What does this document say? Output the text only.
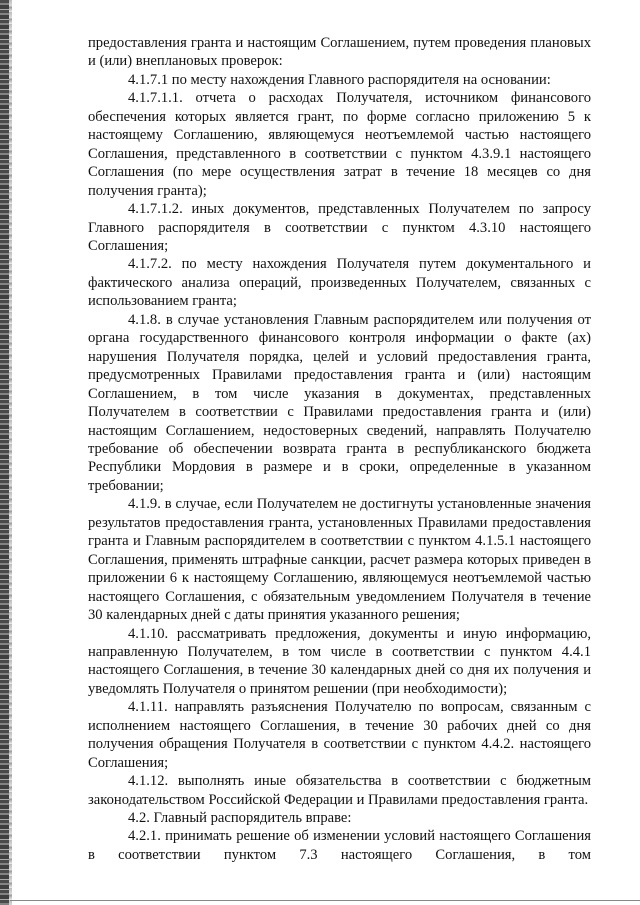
предоставления гранта и настоящим Соглашением, путем проведения плановых и (или) внеплановых проверок:

4.1.7.1 по месту нахождения Главного распорядителя на основании:

4.1.7.1.1. отчета о расходах Получателя, источником финансового обеспечения которых является грант, по форме согласно приложению 5 к настоящему Соглашению, являющемуся неотъемлемой частью настоящего Соглашения, представленного в соответствии с пунктом 4.3.9.1 настоящего Соглашения (по мере осуществления затрат в течение 18 месяцев со дня получения гранта);

4.1.7.1.2. иных документов, представленных Получателем по запросу Главного распорядителя в соответствии с пунктом 4.3.10 настоящего Соглашения;

4.1.7.2. по месту нахождения Получателя путем документального и фактического анализа операций, произведенных Получателем, связанных с использованием гранта;

4.1.8. в случае установления Главным распорядителем или получения от органа государственного финансового контроля информации о факте (ах) нарушения Получателя порядка, целей и условий предоставления гранта, предусмотренных Правилами предоставления гранта и (или) настоящим Соглашением, в том числе указания в документах, представленных Получателем в соответствии с Правилами предоставления гранта и (или) настоящим Соглашением, недостоверных сведений, направлять Получателю требование об обеспечении возврата гранта в республиканского бюджета Республики Мордовия в размере и в сроки, определенные в указанном требовании;

4.1.9. в случае, если Получателем не достигнуты установленные значения результатов предоставления гранта, установленных Правилами предоставления гранта и Главным распорядителем в соответствии с пунктом 4.1.5.1 настоящего Соглашения, применять штрафные санкции, расчет размера которых приведен в приложении 6 к настоящему Соглашению, являющемуся неотъемлемой частью настоящего Соглашения, с обязательным уведомлением Получателя в течение 30 календарных дней с даты принятия указанного решения;

4.1.10. рассматривать предложения, документы и иную информацию, направленную Получателем, в том числе в соответствии с пунктом 4.4.1 настоящего Соглашения, в течение 30 календарных дней со дня их получения и уведомлять Получателя о принятом решении (при необходимости);

4.1.11. направлять разъяснения Получателю по вопросам, связанным с исполнением настоящего Соглашения, в течение 30 рабочих дней со дня получения обращения Получателя в соответствии с пунктом 4.4.2. настоящего Соглашения;

4.1.12. выполнять иные обязательства в соответствии с бюджетным законодательством Российской Федерации и Правилами предоставления гранта.

4.2. Главный распорядитель вправе:

4.2.1. принимать решение об изменении условий настоящего Соглашения в соответствии пунктом 7.3 настоящего Соглашения, в том
